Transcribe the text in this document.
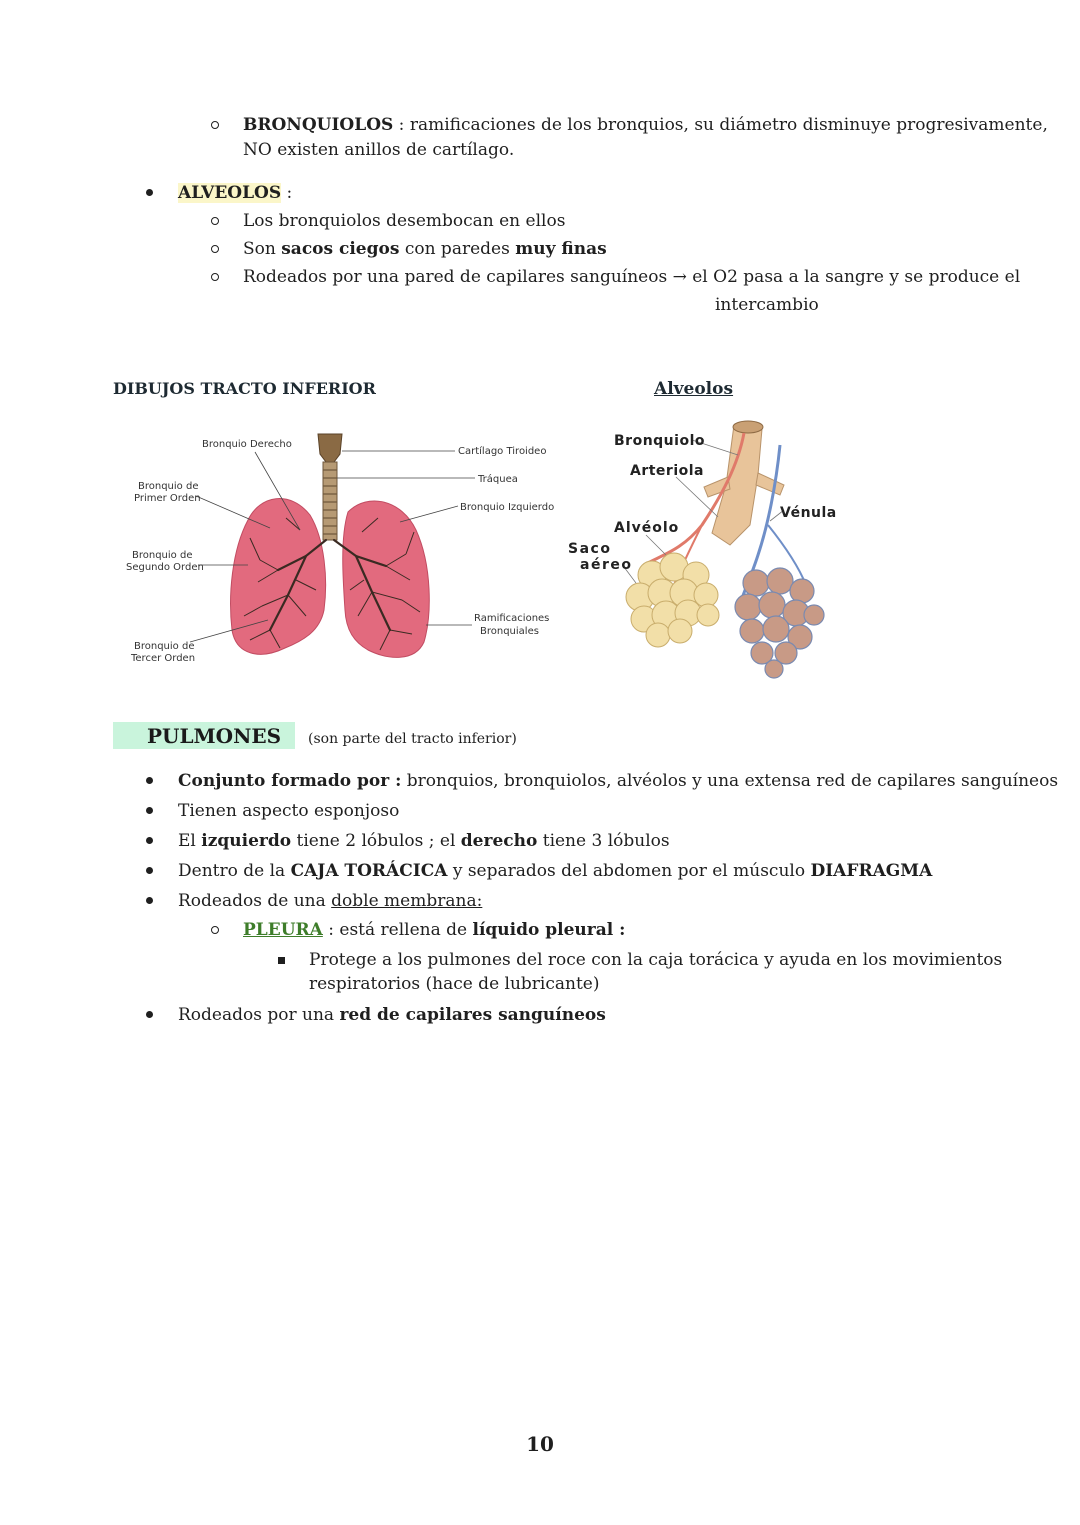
BRONQUIOLOS : ramificaciones de los bronquios, su diámetro disminuye progresivamente,
NO existen anillos de cartílago.
ALVEOLOS :
Los bronquiolos desembocan en ellos
Son sacos ciegos con paredes muy finas
Rodeados por una pared de capilares sanguíneos → el O2 pasa a la sangre y se produce el
intercambio
DIBUJOS TRACTO INFERIOR	Alveolos
Bronquio Derecho
Cartílago Tiroideo
Tráquea
Bronquio Izquierdo
Bronquio de
Primer Orden
Bronquio de
Segundo Orden
Bronquio de
Tercer Orden
Ramificaciones
Bronquiales
Bronquiolo
Arteriola
Vénula
Alvéolo
Saco
aéreo
PULMONES (son parte del tracto inferior)
Conjunto formado por : bronquios, bronquiolos, alvéolos y una extensa red de capilares sanguíneos
Tienen aspecto esponjoso
El izquierdo tiene 2 lóbulos ; el derecho tiene 3 lóbulos
Dentro de la CAJA TORÁCICA y separados del abdomen por el músculo DIAFRAGMA
Rodeados de una doble membrana:
PLEURA : está rellena de líquido pleural :
Protege a los pulmones del roce con la caja torácica y ayuda en los movimientos
respiratorios (hace de lubricante)
Rodeados por una red de capilares sanguíneos
10
